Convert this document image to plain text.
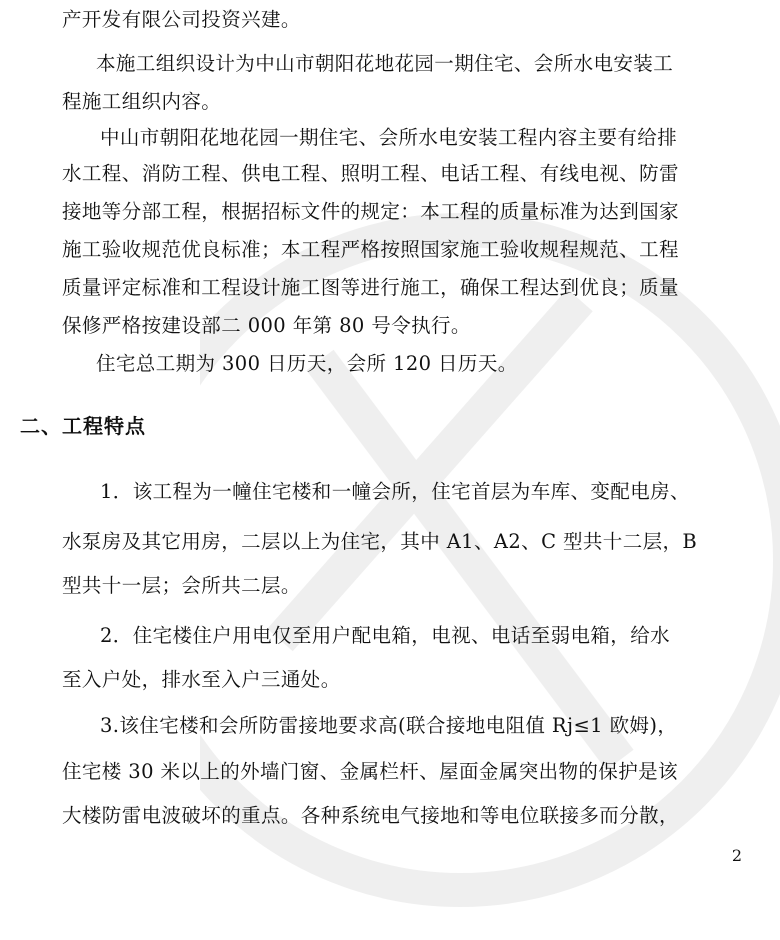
产开发有限公司投资兴建。
本施工组织设计为中山市朝阳花地花园一期住宅、会所水电安装工
程施工组织内容。
中山市朝阳花地花园一期住宅、会所水电安装工程内容主要有给排
水工程、消防工程、供电工程、照明工程、电话工程、有线电视、防雷
接地等分部工程，根据招标文件的规定：本工程的质量标准为达到国家
施工验收规范优良标准；本工程严格按照国家施工验收规程规范、工程
质量评定标准和工程设计施工图等进行施工，确保工程达到优良；质量
保修严格按建设部二 000 年第 80 号令执行。
住宅总工期为 300 日历天，会所 120 日历天。
二、工程特点
1．该工程为一幢住宅楼和一幢会所，住宅首层为车库、变配电房、
水泵房及其它用房，二层以上为住宅，其中 A1、A2、C 型共十二层，B
型共十一层；会所共二层。
2．住宅楼住户用电仅至用户配电箱，电视、电话至弱电箱，给水
至入户处，排水至入户三通处。
3.该住宅楼和会所防雷接地要求高(联合接地电阻值 Rj≤1 欧姆)，
住宅楼 30 米以上的外墙门窗、金属栏杆、屋面金属突出物的保护是该
大楼防雷电波破坏的重点。各种系统电气接地和等电位联接多而分散，
2
